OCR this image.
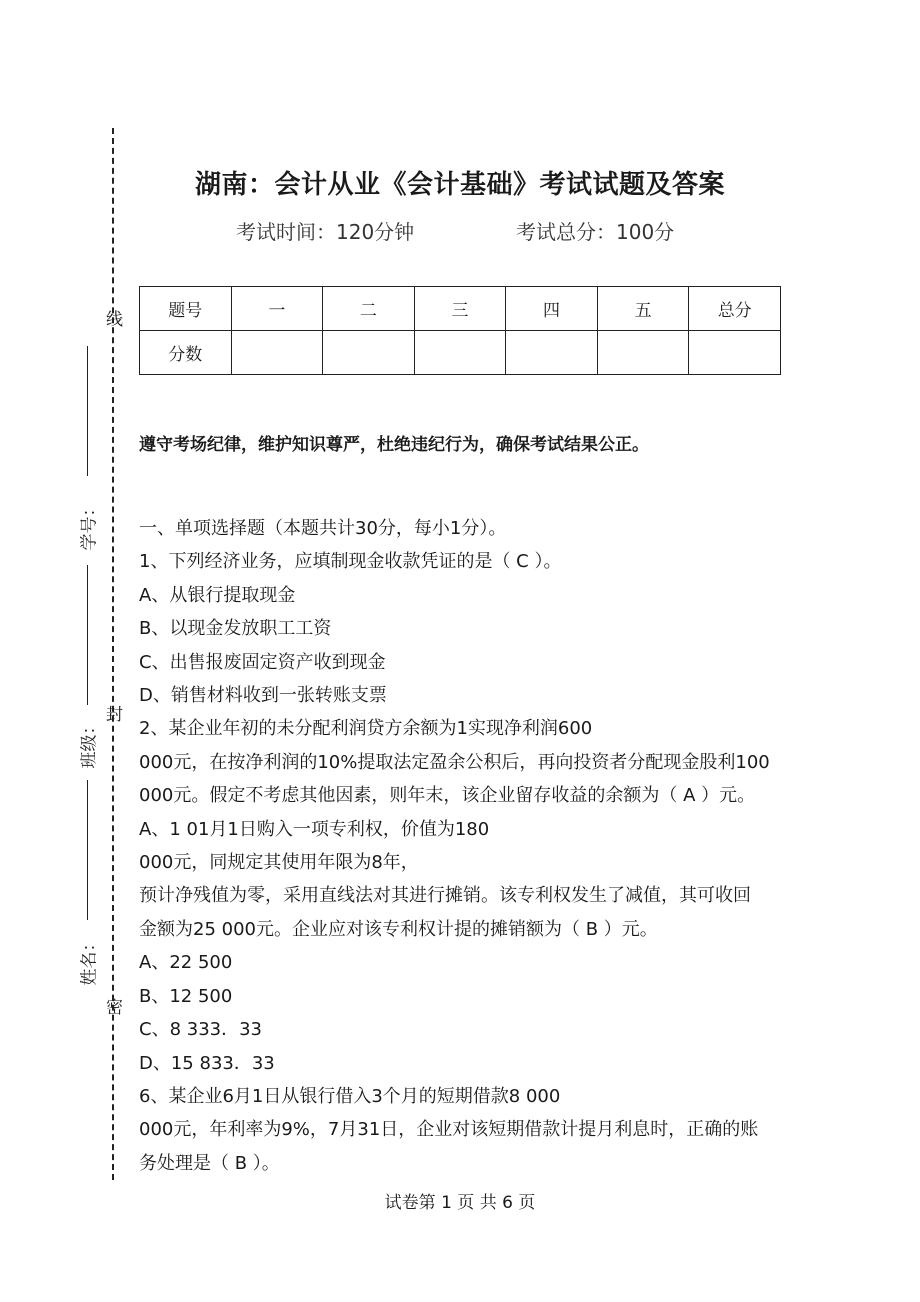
线
封
密
学号：
班级：
姓名：
湖南：会计从业《会计基础》考试试题及答案
考试时间：120分钟	考试总分：100分
题号	一	二	三	四	五	总分
分数						
遵守考场纪律，维护知识尊严，杜绝违纪行为，确保考试结果公正。

一、单项选择题（本题共计30分，每小1分）。

1、下列经济业务，应填制现金收款凭证的是（ C ）。

A、从银行提取现金

B、以现金发放职工工资

C、出售报废固定资产收到现金

D、销售材料收到一张转账支票

2、某企业年初的未分配利润贷方余额为1实现净利润600

000元，在按净利润的10%提取法定盈余公积后，再向投资者分配现金股利100

000元。假定不考虑其他因素，则年末，该企业留存收益的余额为（ A ）元。

A、1 01月1日购入一项专利权，价值为180

000元，同规定其使用年限为8年，

预计净残值为零，采用直线法对其进行摊销。该专利权发生了减值，其可收回

金额为25 000元。企业应对该专利权计提的摊销额为（ B ）元。

A、22 500

B、12 500

C、8 333．33

D、15 833．33

6、某企业6月1日从银行借入3个月的短期借款8 000

000元，年利率为9%，7月31日，企业对该短期借款计提月利息时，正确的账

务处理是（ B ）。

试卷第 1 页 共 6 页
